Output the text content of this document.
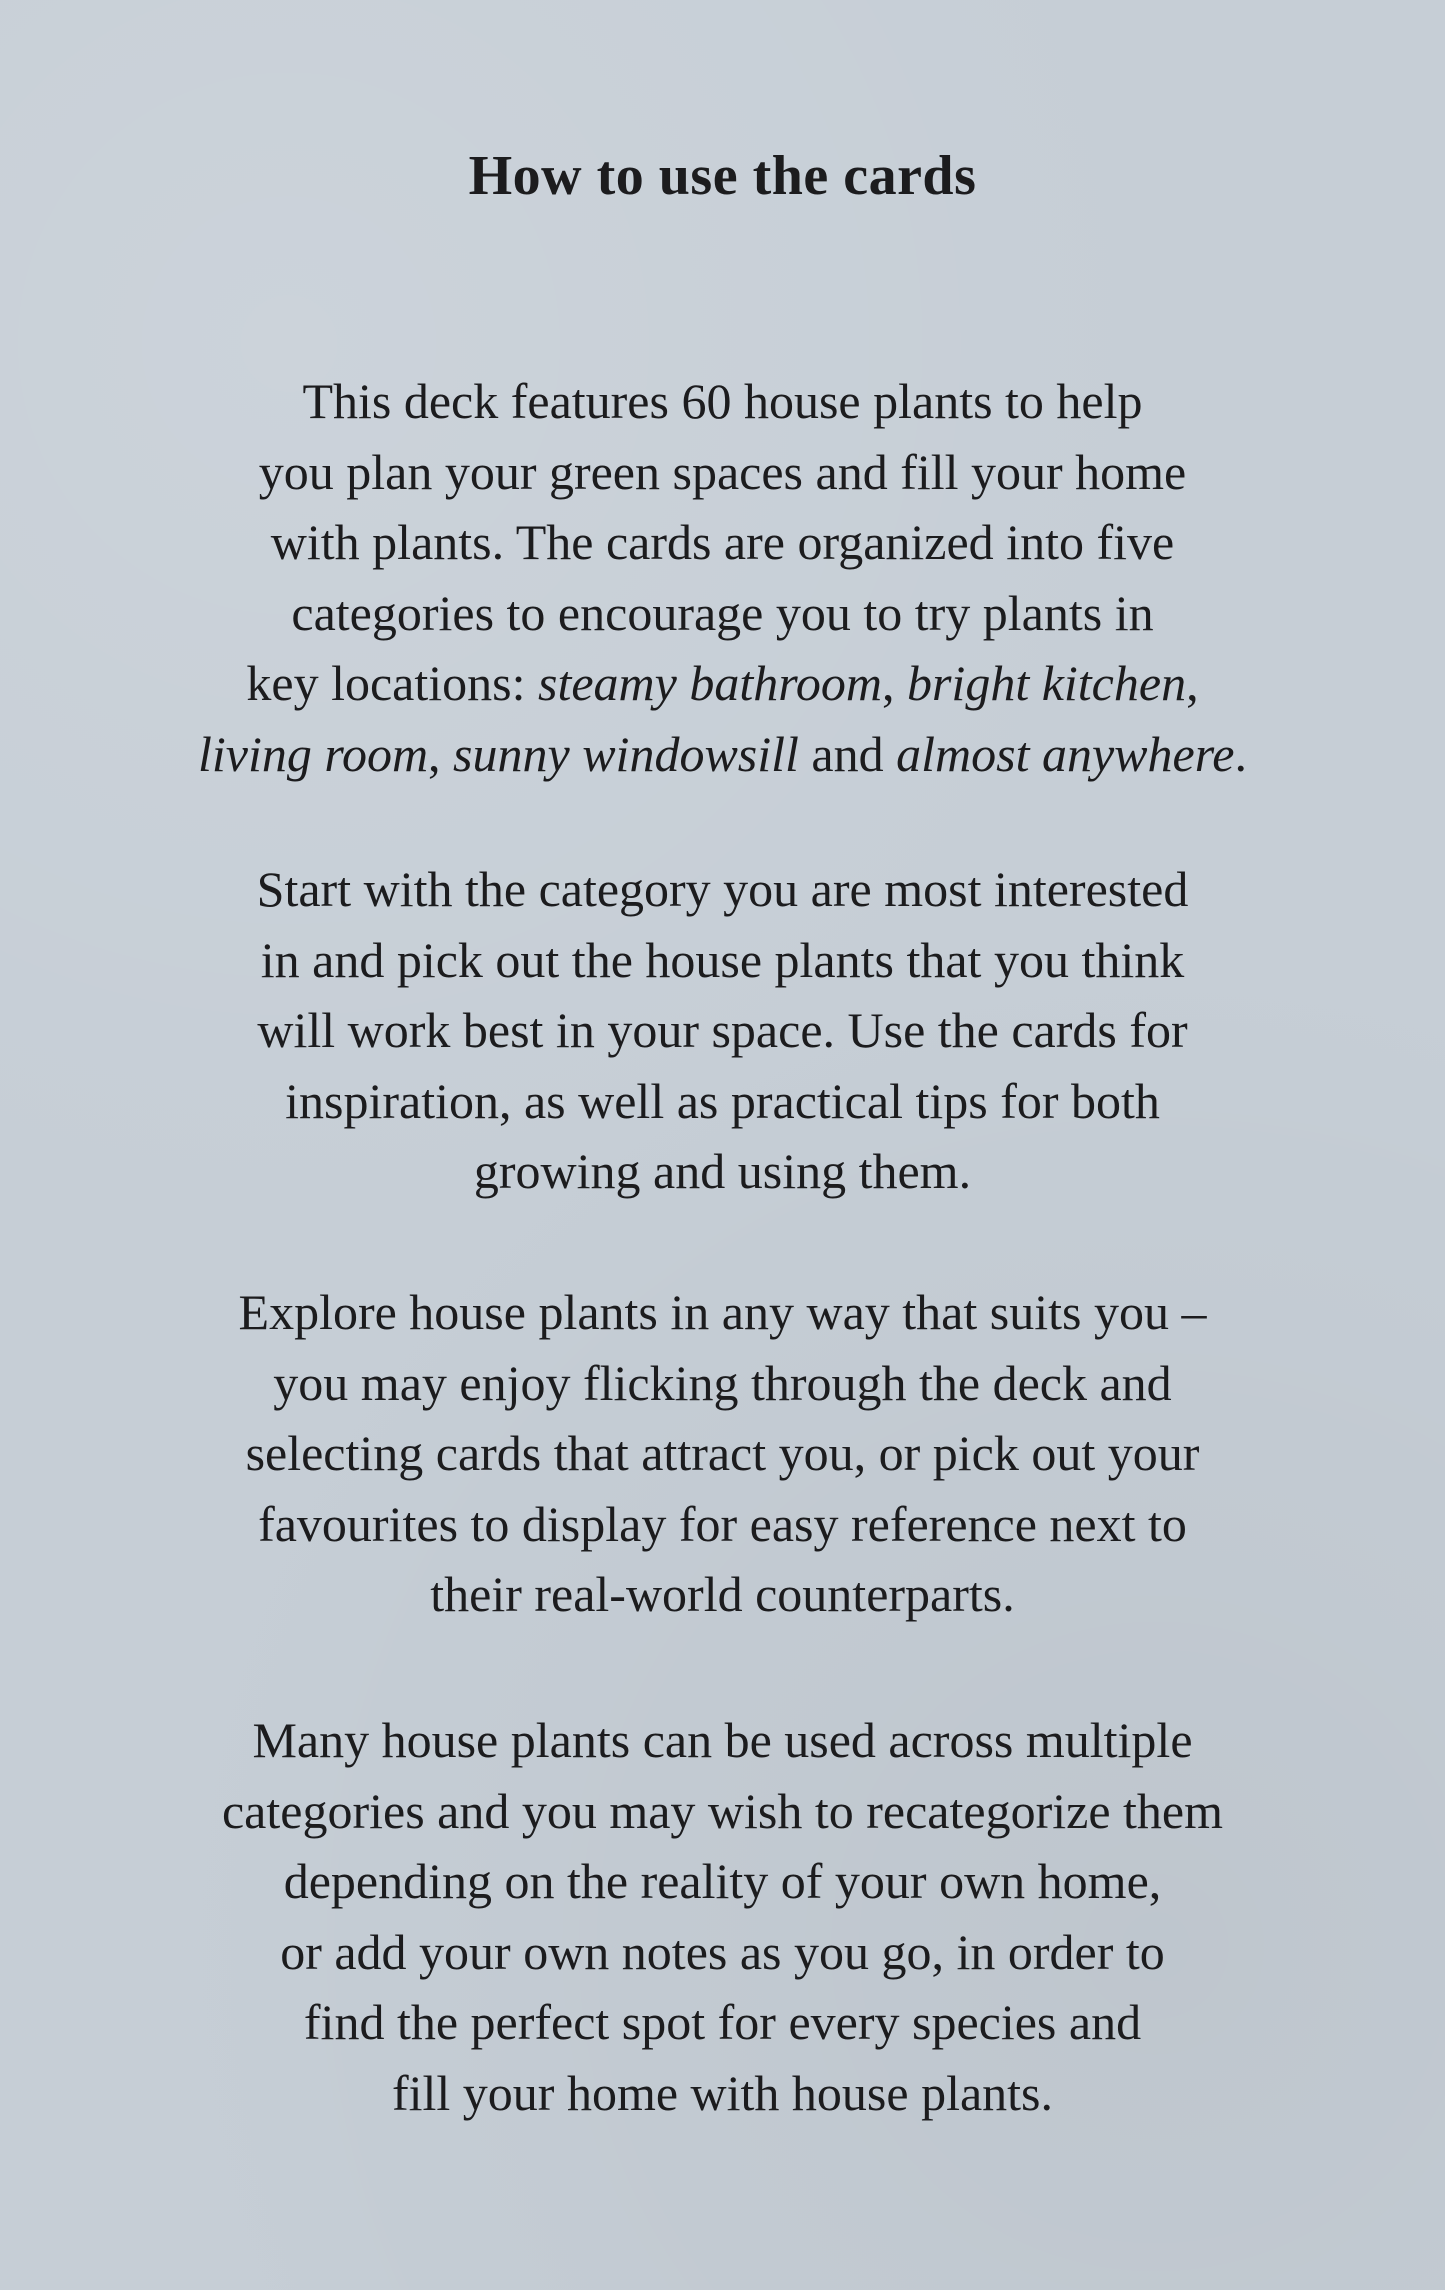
How to use the cards

This deck features 60 house plants to help
you plan your green spaces and fill your home
with plants. The cards are organized into five
categories to encourage you to try plants in
key locations: steamy bathroom, bright kitchen,
living room, sunny windowsill and almost anywhere.

Start with the category you are most interested
in and pick out the house plants that you think
will work best in your space. Use the cards for
inspiration, as well as practical tips for both
growing and using them.

Explore house plants in any way that suits you –
you may enjoy flicking through the deck and
selecting cards that attract you, or pick out your
favourites to display for easy reference next to
their real-world counterparts.

Many house plants can be used across multiple
categories and you may wish to recategorize them
depending on the reality of your own home,
or add your own notes as you go, in order to
find the perfect spot for every species and
fill your home with house plants.
